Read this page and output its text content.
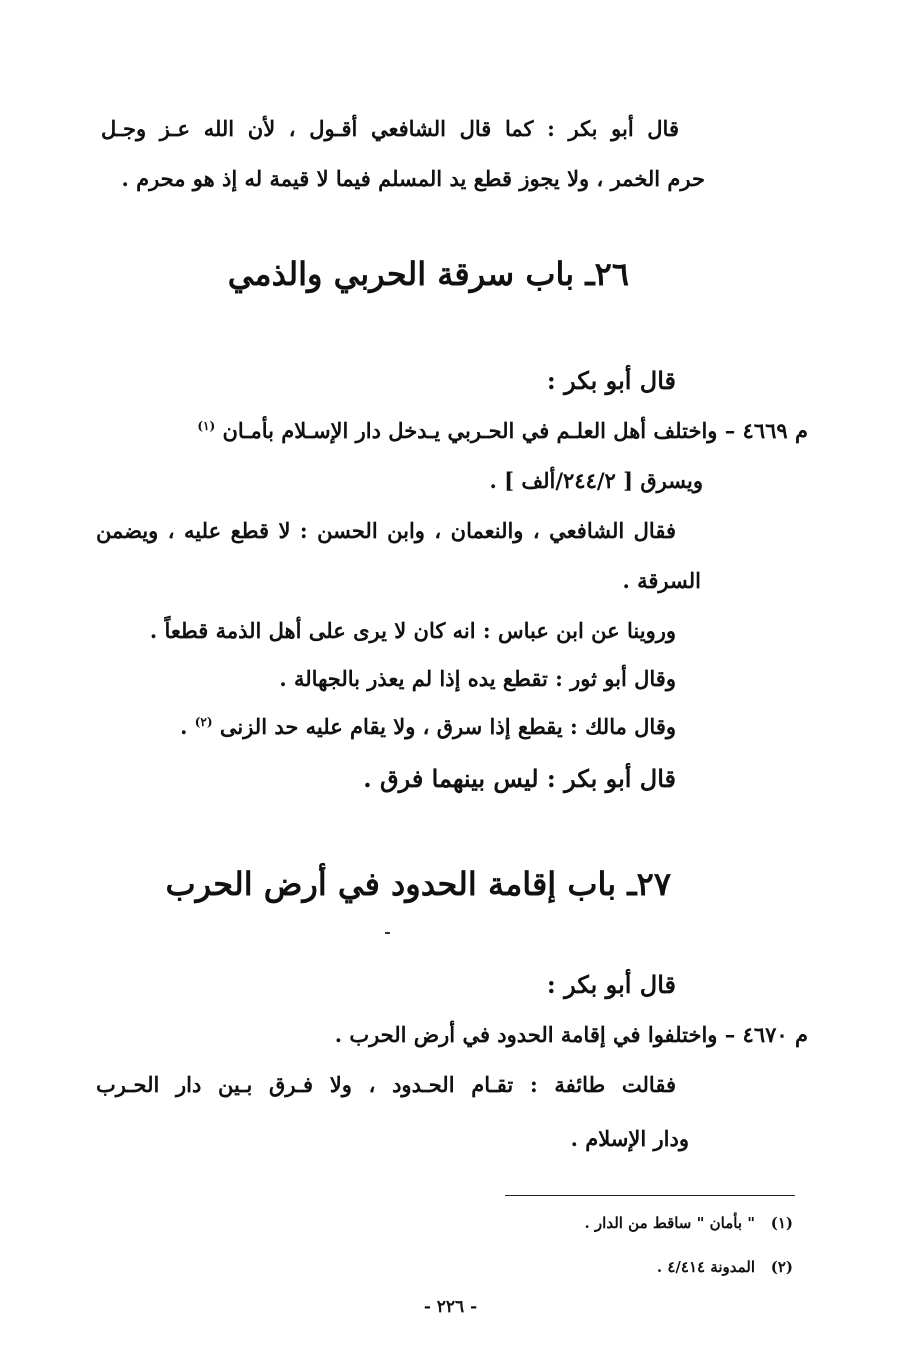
قال أبو بكر : كما قال الشافعي أقـول ، لأن الله عـز وجـل
حرم الخمر ، ولا يجوز قطع يد المسلم فيما لا قيمة له إذ هو محرم .
٢٦ـ باب سرقة الحربي والذمي
قال أبو بكر :
م ٤٦٦٩ – واختلف أهل العلـم في الحـربي يـدخل دار الإسـلام بأمـان $^{(١)}$
ويسرق [ ٢٤٤/٢/ألف ] .
فقال الشافعي ، والنعمان ، وابن الحسن : لا قطع عليه ، ويضمن
السرقة .
وروينا عن ابن عباس : انه كان لا يرى على أهل الذمة قطعاً .
وقال أبو ثور : تقطع يده إذا لم يعذر بالجهالة .
وقال مالك : يقطع إذا سرق ، ولا يقام عليه حد الزنى $^{(٢)}$ .
قال أبو بكر : ليس بينهما فرق .
٢٧ـ باب إقامة الحدود في أرض الحرب
قال أبو بكر :
م ٤٦٧٠ – واختلفوا في إقامة الحدود في أرض الحرب .
فقالت طائفة : تقـام الحـدود ، ولا فـرق بـين دار الحـرب
ودار الإسلام .
(١)   " بأمان " ساقط من الدار .
(٢)   المدونة ٤/٤١٤ .
- ٢٢٦ -
